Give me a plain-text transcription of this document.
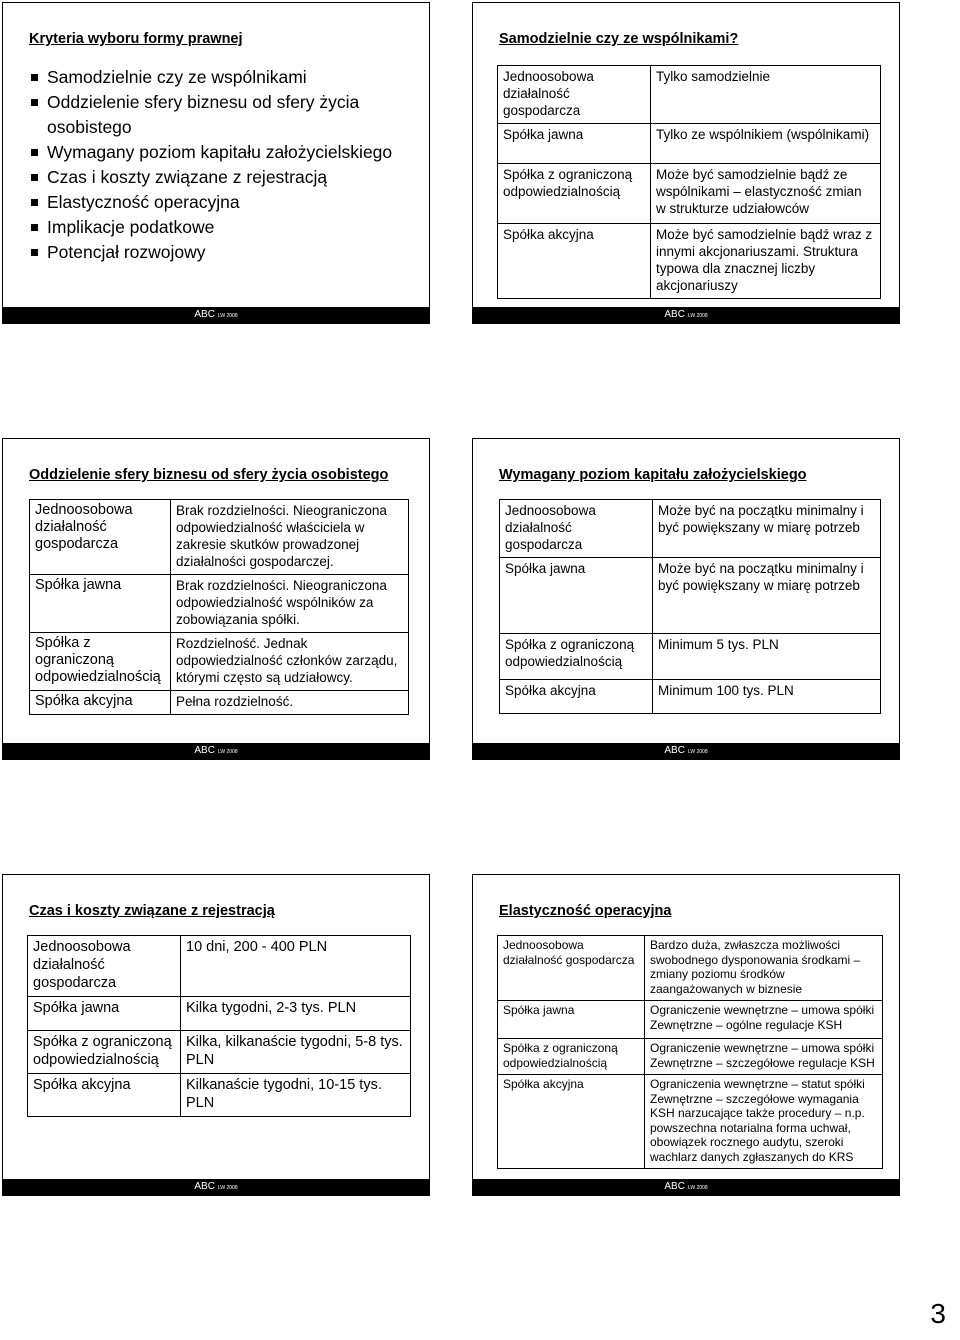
Kryteria wyboru formy prawnej
Samodzielnie czy ze wspólnikami
Oddzielenie sfery biznesu od sfery życia osobistego
Wymagany poziom kapitału założycielskiego
Czas i koszty związane z rejestracją
Elastyczność operacyjna
Implikacje podatkowe
Potencjał rozwojowy
ABC LW 2008
Samodzielnie czy ze wspólnikami?
Jednoosobowa działalność gospodarcza	Tylko samodzielnie
Spółka jawna	Tylko ze wspólnikiem (wspólnikami)
Spółka z ograniczoną odpowiedzialnością	Może być samodzielnie bądź ze wspólnikami – elastyczność zmian w strukturze udziałowców
Spółka akcyjna	Może być samodzielnie bądź wraz z innymi akcjonariuszami. Struktura typowa dla znacznej liczby akcjonariuszy
ABC LW 2008
Oddzielenie sfery biznesu od sfery życia osobistego
Jednoosobowa działalność gospodarcza	Brak rozdzielności. Nieograniczona odpowiedzialność właściciela w zakresie skutków prowadzonej działalności gospodarczej.
Spółka jawna	Brak rozdzielności. Nieograniczona odpowiedzialność wspólników za zobowiązania spółki.
Spółka z ograniczoną odpowiedzialnością	Rozdzielność. Jednak odpowiedzialność członków zarządu, którymi często są udziałowcy.
Spółka akcyjna	Pełna rozdzielność.
ABC LW 2008
Wymagany poziom kapitału założycielskiego
Jednoosobowa działalność gospodarcza	Może być na początku minimalny i być powiększany w miarę potrzeb
Spółka jawna	Może być na początku minimalny i być powiększany w miarę potrzeb
Spółka z ograniczoną odpowiedzialnością	Minimum 5 tys. PLN
Spółka akcyjna	Minimum 100 tys. PLN
ABC LW 2008
Czas i koszty związane z rejestracją
Jednoosobowa działalność gospodarcza	10 dni, 200 - 400 PLN
Spółka jawna	Kilka tygodni, 2-3 tys. PLN
Spółka z ograniczoną odpowiedzialnością	Kilka, kilkanaście tygodni, 5-8 tys. PLN
Spółka akcyjna	Kilkanaście tygodni, 10-15 tys. PLN
ABC LW 2008
Elastyczność operacyjna
Jednoosobowa działalność gospodarcza	Bardzo duża, zwłaszcza możliwości swobodnego dysponowania środkami – zmiany poziomu środków zaangażowanych w biznesie
Spółka jawna	Ograniczenie wewnętrzne – umowa spółki Zewnętrzne – ogólne regulacje KSH
Spółka z ograniczoną odpowiedzialnością	Ograniczenie wewnętrzne – umowa spółki Zewnętrzne – szczegółowe regulacje KSH
Spółka akcyjna	Ograniczenia wewnętrzne – statut spółki Zewnętrzne – szczegółowe wymagania KSH narzucające także procedury – n.p. powszechna notarialna forma uchwał, obowiązek rocznego audytu, szeroki wachlarz danych zgłaszanych do KRS
ABC LW 2008
3
